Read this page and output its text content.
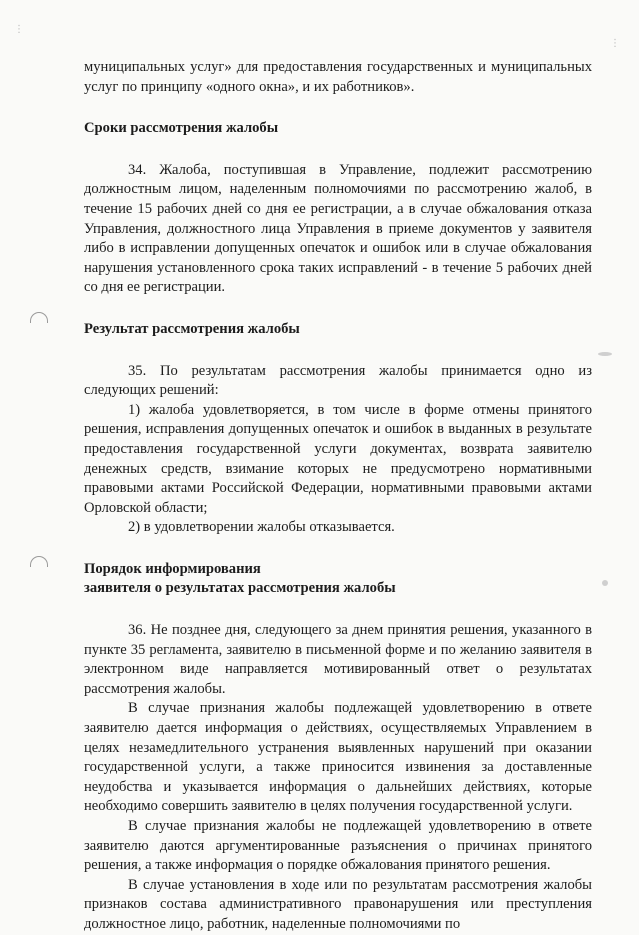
⋮
⋮

муниципальных услуг» для предоставления государственных и муниципальных услуг по принципу «одного окна», и их работников».

Сроки рассмотрения жалобы

34. Жалоба, поступившая в Управление, подлежит рассмотрению должностным лицом, наделенным полномочиями по рассмотрению жалоб, в течение 15 рабочих дней со дня ее регистрации, а в случае обжалования отказа Управления, должностного лица Управления в приеме документов у заявителя либо в исправлении допущенных опечаток и ошибок или в случае обжалования нарушения установленного срока таких исправлений - в течение 5 рабочих дней со дня ее регистрации.

Результат рассмотрения жалобы

35. По результатам рассмотрения жалобы принимается одно из следующих решений:

1) жалоба удовлетворяется, в том числе в форме отмены принятого решения, исправления допущенных опечаток и ошибок в выданных в результате предоставления государственной услуги документах, возврата заявителю денежных средств, взимание которых не предусмотрено нормативными правовыми актами Российской Федерации, нормативными правовыми актами Орловской области;

2) в удовлетворении жалобы отказывается.

Порядок информирования

заявителя о результатах рассмотрения жалобы

36. Не позднее дня, следующего за днем принятия решения, указанного в пункте 35 регламента, заявителю в письменной форме и по желанию заявителя в электронном виде направляется мотивированный ответ о результатах рассмотрения жалобы.

В случае признания жалобы подлежащей удовлетворению в ответе заявителю дается информация о действиях, осуществляемых Управлением в целях незамедлительного устранения выявленных нарушений при оказании государственной услуги, а также приносится извинения за доставленные неудобства и указывается информация о дальнейших действиях, которые необходимо совершить заявителю в целях получения государственной услуги.

В случае признания жалобы не подлежащей удовлетворению в ответе заявителю даются аргументированные разъяснения о причинах принятого решения, а также информация о порядке обжалования принятого решения.

В случае установления в ходе или по результатам рассмотрения жалобы признаков состава административного правонарушения или преступления должностное лицо, работник, наделенные полномочиями по
